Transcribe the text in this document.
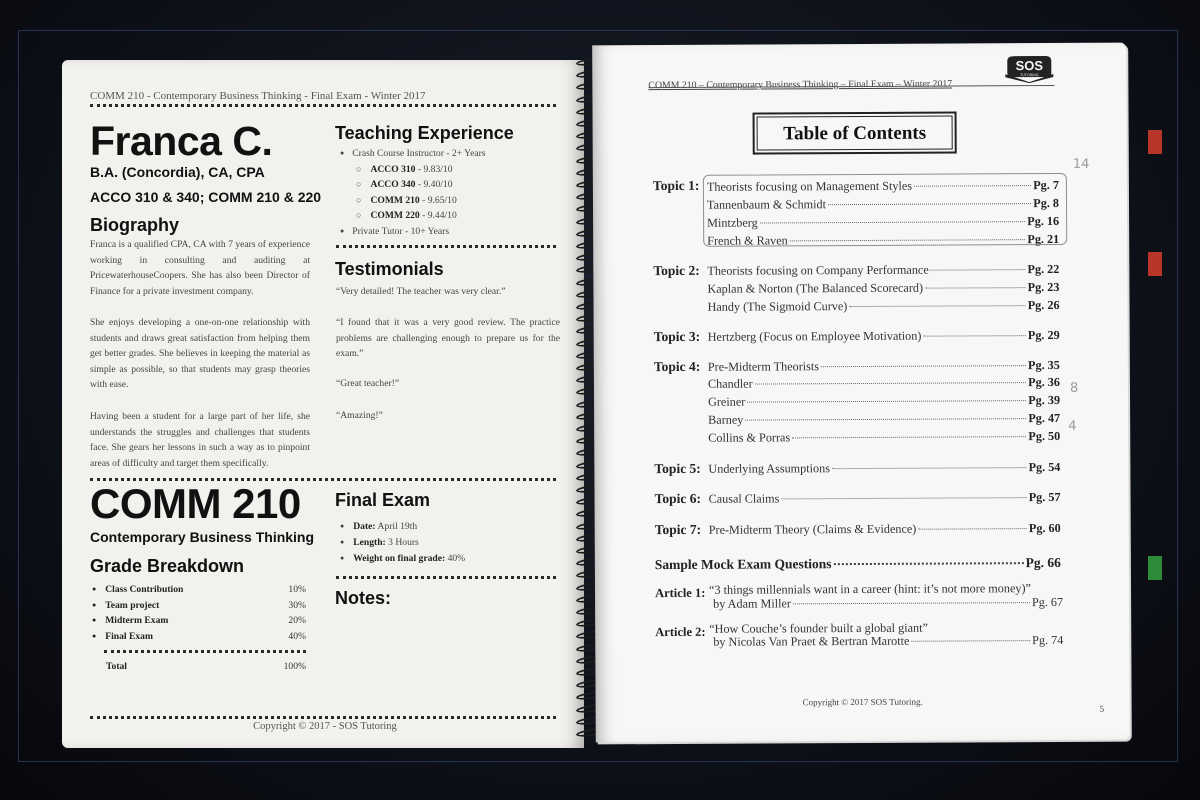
COMM 210 - Contemporary Business Thinking - Final Exam - Winter 2017
Franca C.
B.A. (Concordia), CA, CPA
ACCO 310 & 340; COMM 210 & 220
Biography

Franca is a qualified CPA, CA with 7 years of experience working in consulting and auditing at PricewaterhouseCoopers. She has also been Director of Finance for a private investment company.

She enjoys developing a one-on-one relationship with students and draws great satisfaction from helping them get better grades. She believes in keeping the material as simple as possible, so that students may grasp theories with ease.

Having been a student for a large part of her life, she understands the struggles and challenges that students face. She gears her lessons in such a way as to pinpoint areas of difficulty and target them specifically.

Teaching Experience
● Crash Course Instructor - 2+ Years
○ ACCO 310 - 9.83/10
○ ACCO 340 - 9.40/10
○ COMM 210 - 9.65/10
○ COMM 220 - 9.44/10
● Private Tutor - 10+ Years
Testimonials

“Very detailed! The teacher was very clear.”

“I found that it was a very good review. The practice problems are challenging enough to prepare us for the exam.”

“Great teacher!”

“Amazing!”

COMM 210
Contemporary Business Thinking
Grade Breakdown
● Class Contribution	10%
● Team project	30%
● Midterm Exam	20%
● Final Exam	40%
Total	100%
Final Exam
● Date: April 19th
● Length: 3 Hours
● Weight on final grade: 40%
Notes:
Copyright © 2017 - SOS Tutoring
COMM 210 – Contemporary Business Thinking – Final Exam – Winter 2017
SOS
TUTORING
Table of Contents
Topic 1: Theorists focusing on Management Styles	Pg. 7
Tannenbaum & Schmidt	Pg. 8
Mintzberg	Pg. 16
French & Raven	Pg. 21
14
Topic 2: Theorists focusing on Company Performance	Pg. 22
Kaplan & Norton (The Balanced Scorecard)	Pg. 23
Handy (The Sigmoid Curve)	Pg. 26
Topic 3: Hertzberg (Focus on Employee Motivation)	Pg. 29
Topic 4: Pre-Midterm Theorists	Pg. 35
Chandler	Pg. 36
Greiner	Pg. 39
Barney	Pg. 47
Collins & Porras	Pg. 50
8
4
Topic 5: Underlying Assumptions	Pg. 54
Topic 6: Causal Claims	Pg. 57
Topic 7: Pre-Midterm Theory (Claims & Evidence)	Pg. 60
Sample Mock Exam Questions	Pg. 66
Article 1: “3 things millennials want in a career (hint: it’s not more money)”
by Adam Miller	Pg. 67
Article 2: “How Couche’s founder built a global giant”
by Nicolas Van Praet & Bertran Marotte	Pg. 74
Copyright © 2017 SOS Tutoring.
5
